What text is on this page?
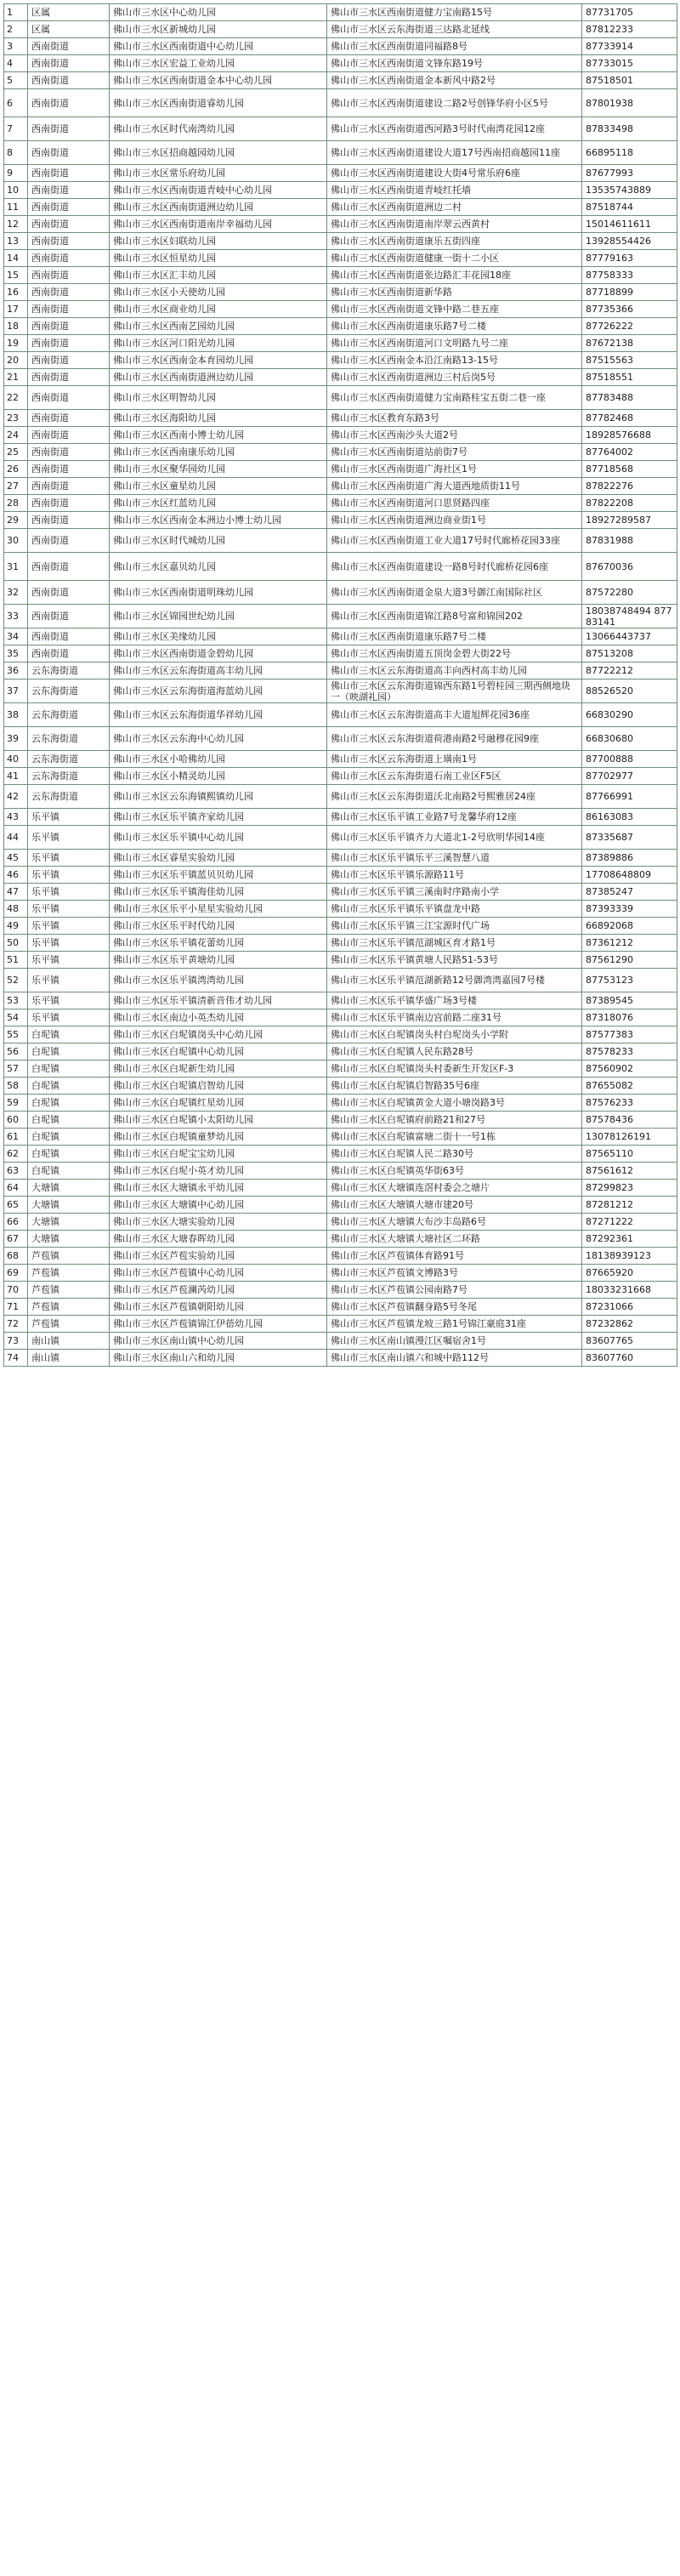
1	区属	佛山市三水区中心幼儿园	佛山市三水区西南街道健力宝南路15号	87731705
2	区属	佛山市三水区新城幼儿园	佛山市三水区云东海街道三达路北延线	87812233
3	西南街道	佛山市三水区西南街道中心幼儿园	佛山市三水区西南街道同福路8号	87733914
4	西南街道	佛山市三水区宏益工业幼儿园	佛山市三水区西南街道文锋东路19号	87733015
5	西南街道	佛山市三水区西南街道金本中心幼儿园	佛山市三水区西南街道金本新风中路2号	87518501
6	西南街道	佛山市三水区西南街道睿幼儿园	佛山市三水区西南街道建设二路2号创锋华府小区5号	87801938
7	西南街道	佛山市三水区时代南湾幼儿园	佛山市三水区西南街道西河路3号时代南湾花园12座	87833498
8	西南街道	佛山市三水区招商越园幼儿园	佛山市三水区西南街道建设大道17号西南招商越园11座	66895118
9	西南街道	佛山市三水区常乐府幼儿园	佛山市三水区西南街道建设大街4号常乐府6座	87677993
10	西南街道	佛山市三水区西南街道青岐中心幼儿园	佛山市三水区西南街道青岐红托墙	13535743889
11	西南街道	佛山市三水区西南街道洲边幼儿园	佛山市三水区西南街道洲边二村	87518744
12	西南街道	佛山市三水区西南街道南岸幸福幼儿园	佛山市三水区西南街道南岸翠云西黄村	15014611611
13	西南街道	佛山市三水区妇联幼儿园	佛山市三水区西南街道康乐五街四座	13928554426
14	西南街道	佛山市三水区恒星幼儿园	佛山市三水区西南街道健康一街十二小区	87779163
15	西南街道	佛山市三水区汇丰幼儿园	佛山市三水区西南街道张边路汇丰花园18座	87758333
16	西南街道	佛山市三水区小天使幼儿园	佛山市三水区西南街道新华路	87718899
17	西南街道	佛山市三水区商业幼儿园	佛山市三水区西南街道文锋中路二巷五座	87735366
18	西南街道	佛山市三水区西南艺园幼儿园	佛山市三水区西南街道康乐路7号二楼	87726222
19	西南街道	佛山市三水区河口阳光幼儿园	佛山市三水区西南街道河口文明路九号二座	87672138
20	西南街道	佛山市三水区西南金本育园幼儿园	佛山市三水区西南金本沿江南路13-15号	87515563
21	西南街道	佛山市三水区西南街道洲边幼儿园	佛山市三水区西南街道洲边三村后岗5号	87518551
22	西南街道	佛山市三水区明智幼儿园	佛山市三水区西南街道健力宝南路桂宝五街二巷一座	87783488
23	西南街道	佛山市三水区海阳幼儿园	佛山市三水区教育东路3号	87782468
24	西南街道	佛山市三水区西南小博士幼儿园	佛山市三水区西南沙头大道2号	18928576688
25	西南街道	佛山市三水区西南康乐幼儿园	佛山市三水区西南街道站前街7号	87764002
26	西南街道	佛山市三水区聚华园幼儿园	佛山市三水区西南街道广海社区1号	87718568
27	西南街道	佛山市三水区童星幼儿园	佛山市三水区西南街道广海大道西地质街11号	87822276
28	西南街道	佛山市三水区红蓝幼儿园	佛山市三水区西南街道河口思贤路四座	87822208
29	西南街道	佛山市三水区西南金本洲边小博士幼儿园	佛山市三水区西南街道洲边商业街1号	18927289587
30	西南街道	佛山市三水区时代城幼儿园	佛山市三水区西南街道工业大道17号时代廊桥花园33座	87831988
31	西南街道	佛山市三水区嘉贝幼儿园	佛山市三水区西南街道建设一路8号时代廊桥花园6座	87670036
32	西南街道	佛山市三水区西南街道明珠幼儿园	佛山市三水区西南街道金泉大道3号御江南国际社区	87572280
33	西南街道	佛山市三水区锦园世纪幼儿园	佛山市三水区西南街道锦江路8号富和锦园202	18038748494 87783141
34	西南街道	佛山市三水区美缘幼儿园	佛山市三水区西南街道康乐路7号二楼	13066443737
35	西南街道	佛山市三水区西南街道金碧幼儿园	佛山市三水区西南街道五顶岗金碧大街22号	87513208
36	云东海街道	佛山市三水区云东海街道高丰幼儿园	佛山市三水区云东海街道高丰向西村高丰幼儿园	87722212
37	云东海街道	佛山市三水区云东海街道海蓝幼儿园	佛山市三水区云东海街道锦西东路1号碧桂园三期西侧地块一（映湖礼园）	88526520
38	云东海街道	佛山市三水区云东海街道华祥幼儿园	佛山市三水区云东海街道高丰大道旭辉花园36座	66830290
39	云东海街道	佛山市三水区云东海中心幼儿园	佛山市三水区云东海街道荷港南路2号融穆花园9座	66830680
40	云东海街道	佛山市三水区小哈佛幼儿园	佛山市三水区云东海街道上璜南1号	87700888
41	云东海街道	佛山市三水区小精灵幼儿园	佛山市三水区云东海街道石南工业区F5区	87702977
42	云东海街道	佛山市三水区云东海镇熙镇幼儿园	佛山市三水区云东海街道沃北南路2号熙雅居24座	87766991
43	乐平镇	佛山市三水区乐平镇齐家幼儿园	佛山市三水区乐平镇工业路7号龙馨华府12座	86163083
44	乐平镇	佛山市三水区乐平镇中心幼儿园	佛山市三水区乐平镇齐力大道北1-2号欣明华园14座	87335687
45	乐平镇	佛山市三水区睿星实验幼儿园	佛山市三水区乐平镇乐平三溪智慧八道	87389886
46	乐平镇	佛山市三水区乐平镇蓝贝贝幼儿园	佛山市三水区乐平镇乐源路11号	17708648809
47	乐平镇	佛山市三水区乐平镇海佳幼儿园	佛山市三水区乐平镇三溪南时序路南小学	87385247
48	乐平镇	佛山市三水区乐平小星星实验幼儿园	佛山市三水区乐平镇乐平镇盘龙中路	87393339
49	乐平镇	佛山市三水区乐平时代幼儿园	佛山市三水区乐平镇三江宝源时代广场	66892068
50	乐平镇	佛山市三水区乐平镇花蕾幼儿园	佛山市三水区乐平镇范湖城区育才路1号	87361212
51	乐平镇	佛山市三水区乐平黄塘幼儿园	佛山市三水区乐平镇黄塘人民路51-53号	87561290
52	乐平镇	佛山市三水区乐平镇湾湾幼儿园	佛山市三水区乐平镇范湖新路12号御湾湾嘉园7号楼	87753123
53	乐平镇	佛山市三水区乐平镇清新音伟才幼儿园	佛山市三水区乐平镇华盛广场3号楼	87389545
54	乐平镇	佛山市三水区南边小英杰幼儿园	佛山市三水区乐平镇南边宫前路二座31号	87318076
55	白坭镇	佛山市三水区白坭镇岗头中心幼儿园	佛山市三水区白坭镇岗头村白坭岗头小学附	87577383
56	白坭镇	佛山市三水区白坭镇中心幼儿园	佛山市三水区白坭镇人民东路28号	87578233
57	白坭镇	佛山市三水区白坭新生幼儿园	佛山市三水区白坭镇岗头村委新生开发区F-3	87560902
58	白坭镇	佛山市三水区白坭镇启智幼儿园	佛山市三水区白坭镇启智路35号6座	87655082
59	白坭镇	佛山市三水区白坭镇红星幼儿园	佛山市三水区白坭镇黄金大道小塘岗路3号	87576233
60	白坭镇	佛山市三水区白坭镇小太阳幼儿园	佛山市三水区白坭镇府前路21和27号	87578436
61	白坭镇	佛山市三水区白坭镇童梦幼儿园	佛山市三水区白坭镇富塘二街十一号1栋	13078126191
62	白坭镇	佛山市三水区白坭宝宝幼儿园	佛山市三水区白坭镇人民二路30号	87565110
63	白坭镇	佛山市三水区白坭小英才幼儿园	佛山市三水区白坭镇英华街63号	87561612
64	大塘镇	佛山市三水区大塘镇永平幼儿园	佛山市三水区大塘镇连滘村委会之塘片	87299823
65	大塘镇	佛山市三水区大塘镇中心幼儿园	佛山市三水区大塘镇大塘市建20号	87281212
66	大塘镇	佛山市三水区大塘实验幼儿园	佛山市三水区大塘镇大布沙丰岛路6号	87271222
67	大塘镇	佛山市三水区大塘春晖幼儿园	佛山市三水区大塘镇大塘社区二环路	87292361
68	芦苞镇	佛山市三水区芦苞实验幼儿园	佛山市三水区芦苞镇体育路91号	18138939123
69	芦苞镇	佛山市三水区芦苞镇中心幼儿园	佛山市三水区芦苞镇文博路3号	87665920
70	芦苞镇	佛山市三水区芦苞澜芮幼儿园	佛山市三水区芦苞镇公园南路7号	18033231668
71	芦苞镇	佛山市三水区芦苞镇朝阳幼儿园	佛山市三水区芦苞镇翻身路5号冬尾	87231066
72	芦苞镇	佛山市三水区芦苞镇锦江伊蓓幼儿园	佛山市三水区芦苞镇龙坡三路1号锦江豪庭31座	87232862
73	南山镇	佛山市三水区南山镇中心幼儿园	佛山市三水区南山镇漫江区嘱宿舍1号	83607765
74	南山镇	佛山市三水区南山六和幼儿园	佛山市三水区南山镇六和城中路112号	83607760
